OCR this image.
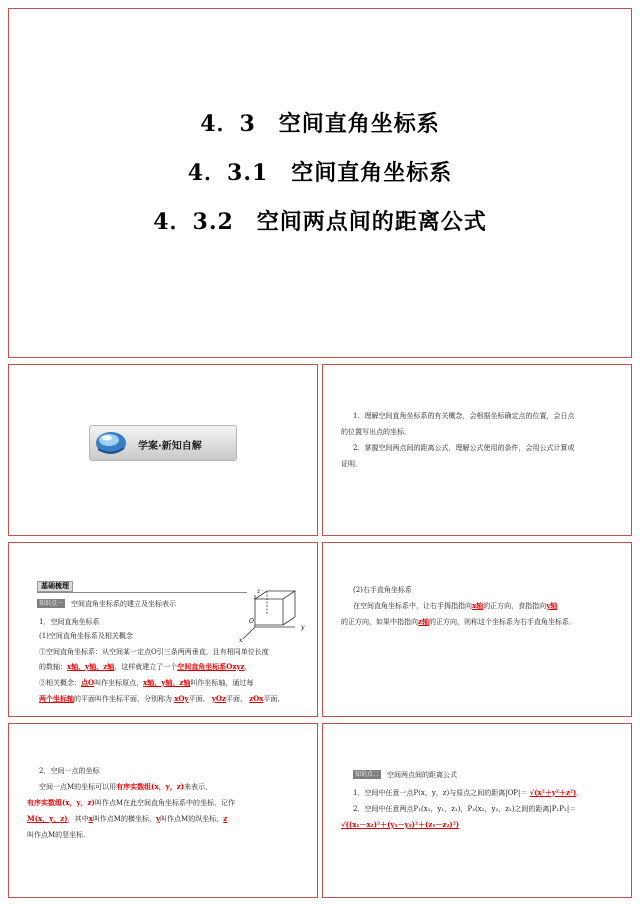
4．3　空间直角坐标系
4．3.1　空间直角坐标系
4．3.2　空间两点间的距离公式
学案·新知自解
1．理解空间直角坐标系的有关概念，会根据坐标确定点的位置，会日点
的位置写出点的坐标．
2．掌握空间两点间的距离公式，理解公式使用的条件，会用公式计算或
证明．
基础梳理
知识点一 空间直角坐标系的建立及坐标表示
1．空间直角坐标系
(1)空间直角坐标系及相关概念
①空间直角坐标系：从空间某一定点O引三条两两垂直，且有相同单位长度
的数轴：x轴、y轴、z轴，这样就建立了一个空间直角坐标系Oxyz．
②相关概念：点O叫作坐标原点，x轴、y轴、z轴叫作坐标轴，通过每
两个坐标轴的平面叫作坐标平面，分别称为 xOy平面、 yOz平面、 zOx平面．
z
y
x
O
(2)右手直角坐标系
在空间直角坐标系中，让右手拇指指向x轴的正方向，食指指向y轴
的正方向，如果中指指向z轴的正方向，则称这个坐标系为右手直角坐标系．
2．空间一点的坐标
空间一点M的坐标可以用有序实数组(x，y，z)来表示，
有序实数组(x，y，z)叫作点M在此空间直角坐标系中的坐标，记作
M(x，y，z)，其中x叫作点M的横坐标，y叫作点M的纵坐标，z
叫作点M的竖坐标．
知识点二 空间两点间的距离公式
1．空间中任意一点P(x，y，z)与原点之间的距离|OP|＝ √(x²＋y²＋z²)．
2．空间中任意两点P₁(x₁，y₁，z₁)，P₂(x₂，y₂，z₂)之间的距离|P₁P₂|＝
√((x₁－x₂)²＋(y₁－y₂)²＋(z₁－z₂)²)
